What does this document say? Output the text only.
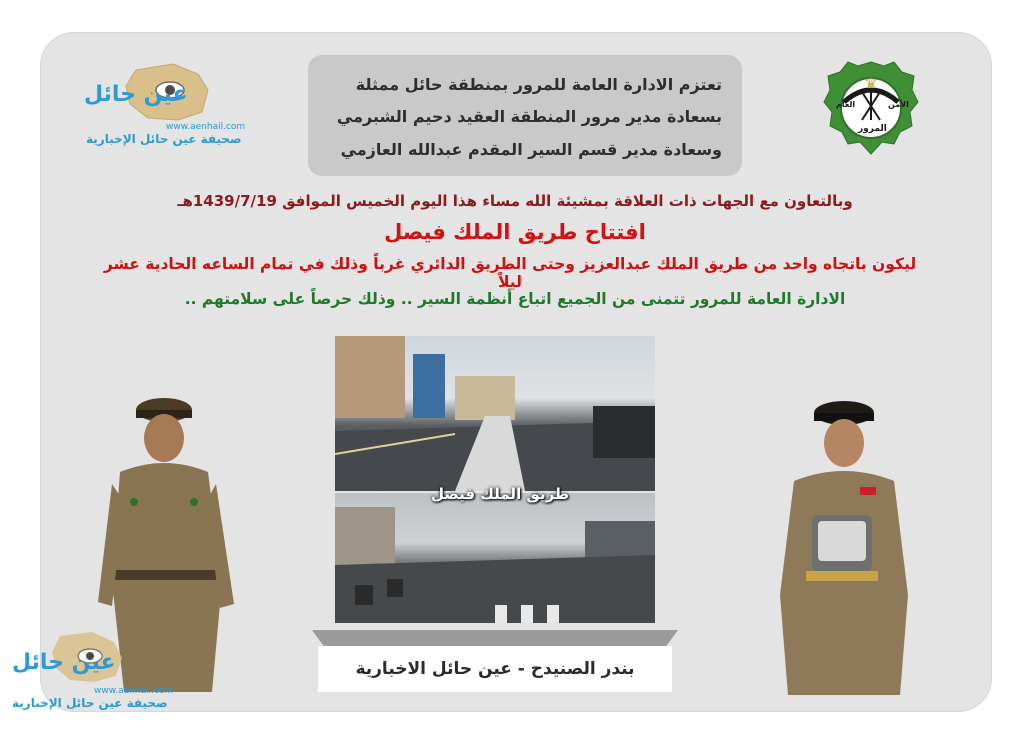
عين حائل
www.aenhail.com
صحيفة عين حائل الإخبارية
♛
العام	الأمن
المرور
تعتزم الادارة العامة للمرور بمنطقة حائل ممثلة
بسعادة مدير مرور المنطقة العقيد دحيم الشبرمي
وسعادة مدير قسم السير المقدم عبدالله العازمي
وبالتعاون مع الجهات ذات العلاقة بمشيئة الله مساء هذا اليوم الخميس الموافق 1439/7/19هـ
افتتاح طريق الملك فيصل
ليكون باتجاه واحد من طريق الملك عبدالعزيز وحتى الطريق الدائري غرباً وذلك في تمام الساعه الحادية عشر ليلاً
الادارة العامة للمرور تتمنى من الجميع اتباع أنظمة السير .. وذلك حرصاً على سلامتهم ..
طريق الملك فيصل
بندر الصنيدح - عين حائل الاخبارية
عين حائل
www.aenhail.com
صحيفة عين حائل الإخبارية
